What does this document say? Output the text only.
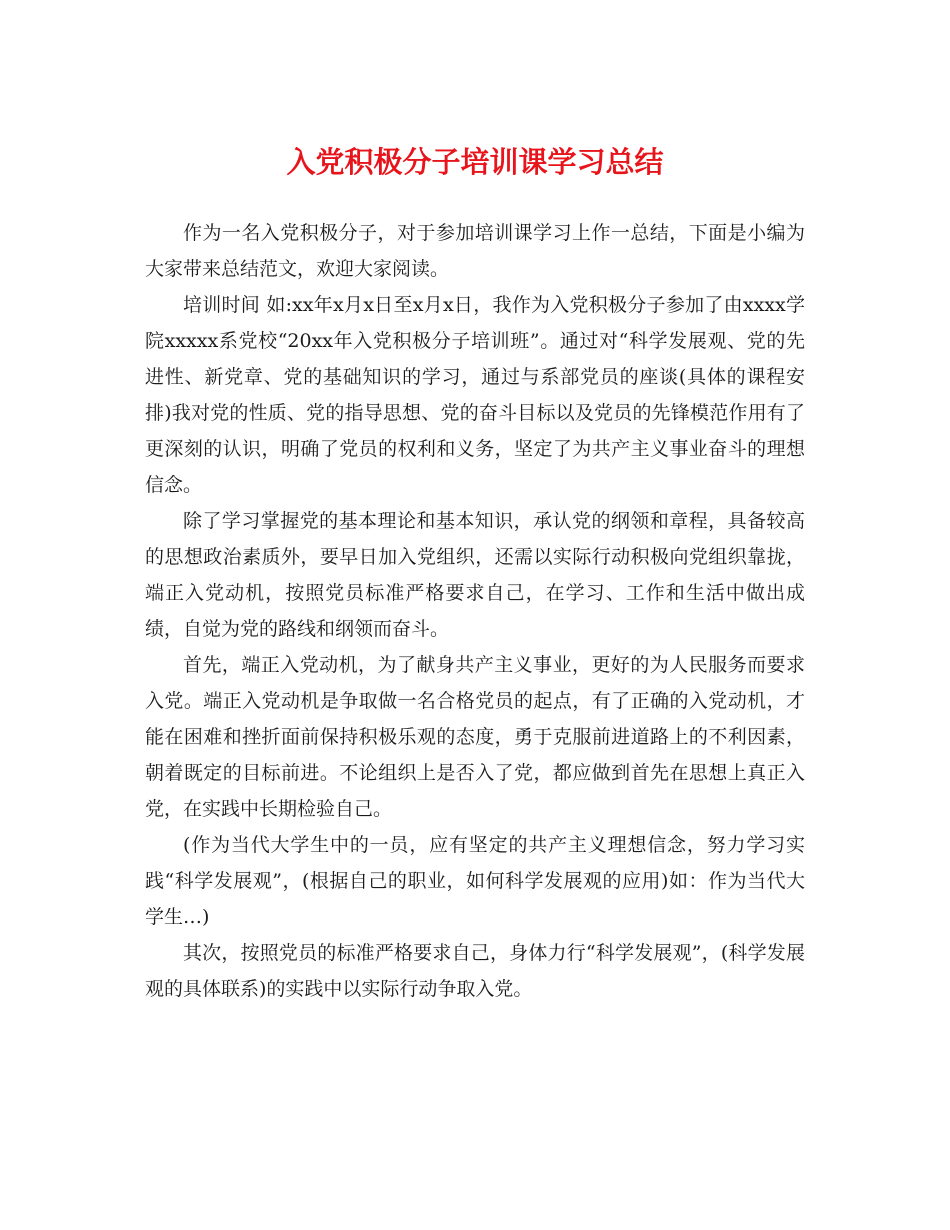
入党积极分子培训课学习总结

作为一名入党积极分子，对于参加培训课学习上作一总结，下面是小编为大家带来总结范文，欢迎大家阅读。

培训时间 如:xx年x月x日至x月x日，我作为入党积极分子参加了由xxxx学院xxxxx系党校“20xx年入党积极分子培训班”。通过对“科学发展观、党的先进性、新党章、党的基础知识的学习，通过与系部党员的座谈(具体的课程安排)我对党的性质、党的指导思想、党的奋斗目标以及党员的先锋模范作用有了更深刻的认识，明确了党员的权利和义务，坚定了为共产主义事业奋斗的理想信念。

除了学习掌握党的基本理论和基本知识，承认党的纲领和章程，具备较高的思想政治素质外，要早日加入党组织，还需以实际行动积极向党组织靠拢，端正入党动机，按照党员标准严格要求自己，在学习、工作和生活中做出成绩，自觉为党的路线和纲领而奋斗。

首先，端正入党动机，为了献身共产主义事业，更好的为人民服务而要求入党。端正入党动机是争取做一名合格党员的起点，有了正确的入党动机，才能在困难和挫折面前保持积极乐观的态度，勇于克服前进道路上的不利因素，朝着既定的目标前进。不论组织上是否入了党，都应做到首先在思想上真正入党，在实践中长期检验自己。

(作为当代大学生中的一员，应有坚定的共产主义理想信念，努力学习实践“科学发展观”，(根据自己的职业，如何科学发展观的应用)如：作为当代大学生…)

其次，按照党员的标准严格要求自己，身体力行“科学发展观”，(科学发展观的具体联系)的实践中以实际行动争取入党。
